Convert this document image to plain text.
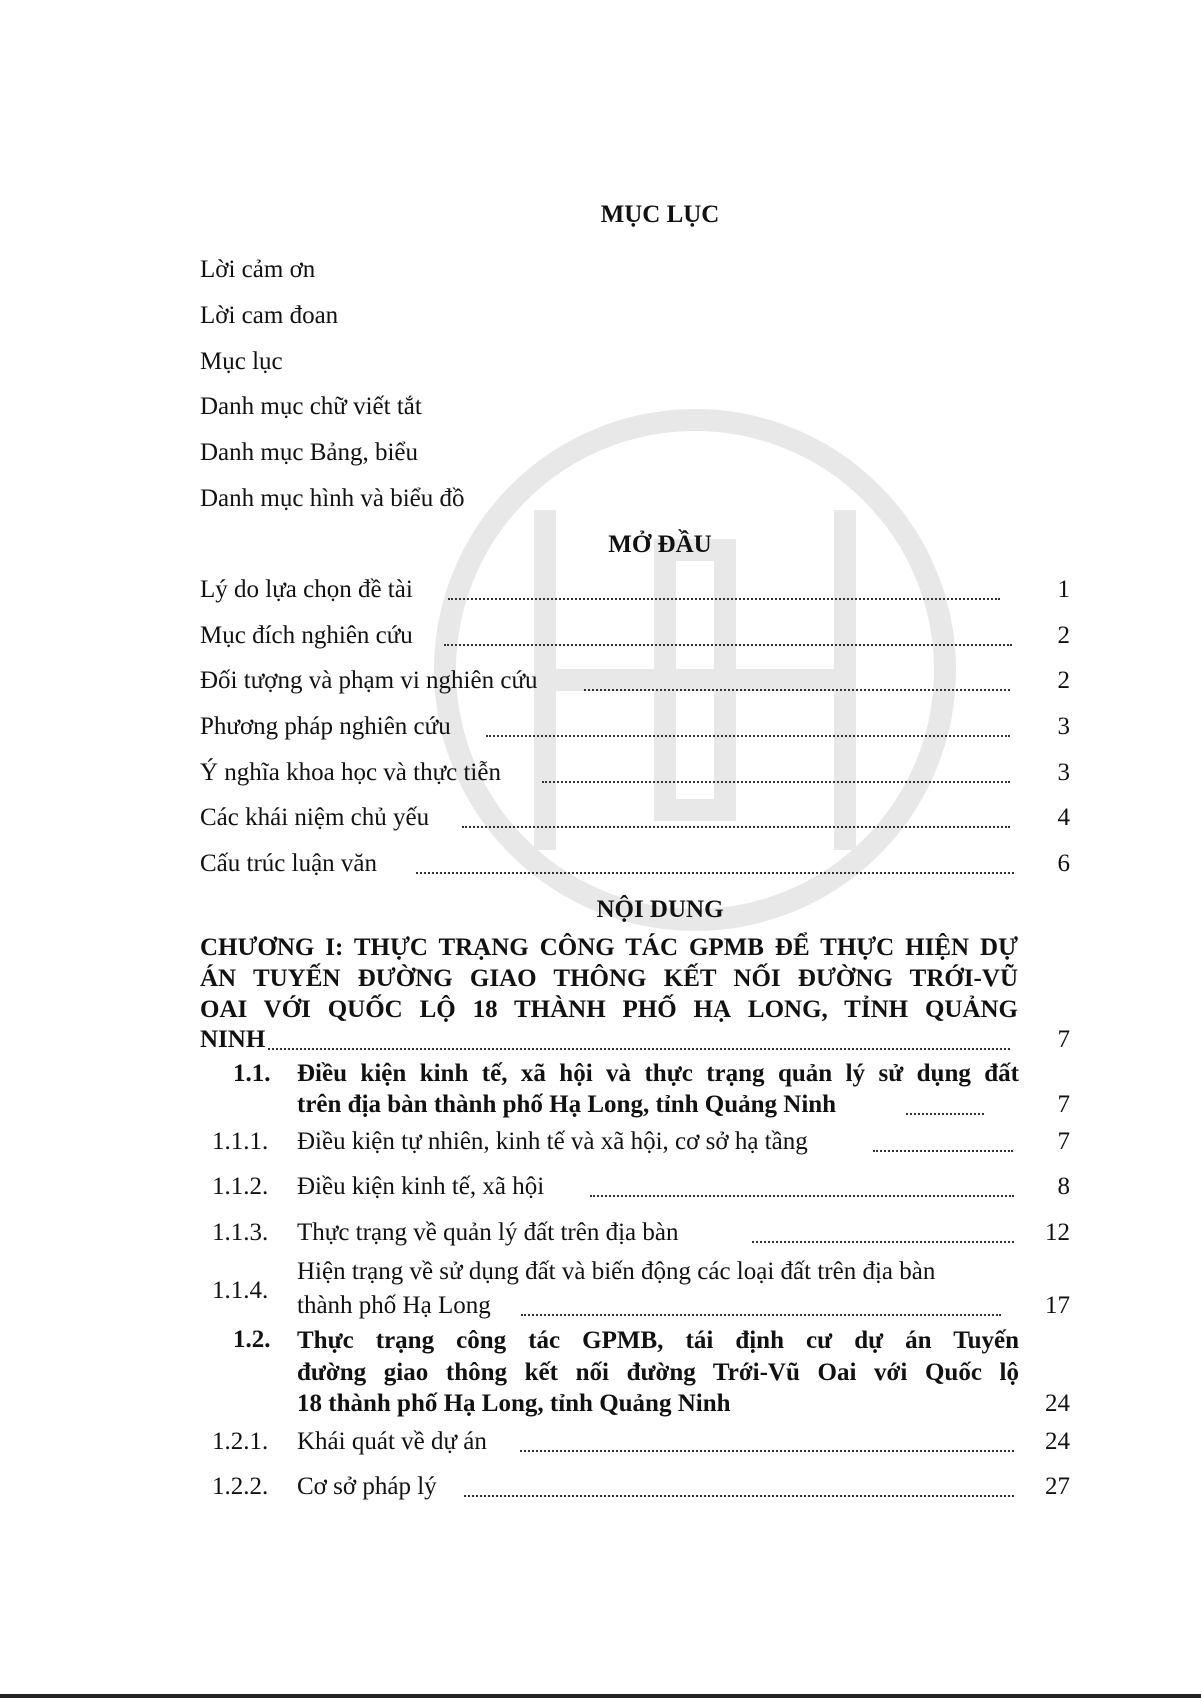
MỤC LỤC
Lời cảm ơn
Lời cam đoan
Mục lục
Danh mục chữ viết tắt
Danh mục Bảng, biểu
Danh mục hình và biểu đồ
MỞ ĐẦU
Lý do lựa chọn đề tài	1
Mục đích nghiên cứu	2
Đối tượng và phạm vi nghiên cứu	2
Phương pháp nghiên cứu	3
Ý nghĩa khoa học và thực tiễn	3
Các khái niệm chủ yếu	4
Cấu trúc luận văn	6
NỘI DUNG
CHƯƠNG I: THỰC TRẠNG CÔNG TÁC GPMB ĐỂ THỰC HIỆN DỰ
ÁN TUYẾN ĐƯỜNG GIAO THÔNG KẾT NỐI ĐƯỜNG TRỚI-VŨ
OAI VỚI QUỐC LỘ 18 THÀNH PHỐ HẠ LONG, TỈNH QUẢNG
NINH	7
1.1. Điều kiện kinh tế, xã hội và thực trạng quản lý sử dụng đất
trên địa bàn thành phố Hạ Long, tỉnh Quảng Ninh	7
1.1.1. Điều kiện tự nhiên, kinh tế và xã hội, cơ sở hạ tầng	7
1.1.2. Điều kiện kinh tế, xã hội	8
1.1.3. Thực trạng về quản lý đất trên địa bàn	12
1.1.4.
Hiện trạng về sử dụng đất và biến động các loại đất trên địa bàn
thành phố Hạ Long	17
1.2. Thực trạng công tác GPMB, tái định cư dự án Tuyến
đường giao thông kết nối đường Trới-Vũ Oai với Quốc lộ
18 thành phố Hạ Long, tỉnh Quảng Ninh	24
1.2.1. Khái quát về dự án	24
1.2.2. Cơ sở pháp lý	27
